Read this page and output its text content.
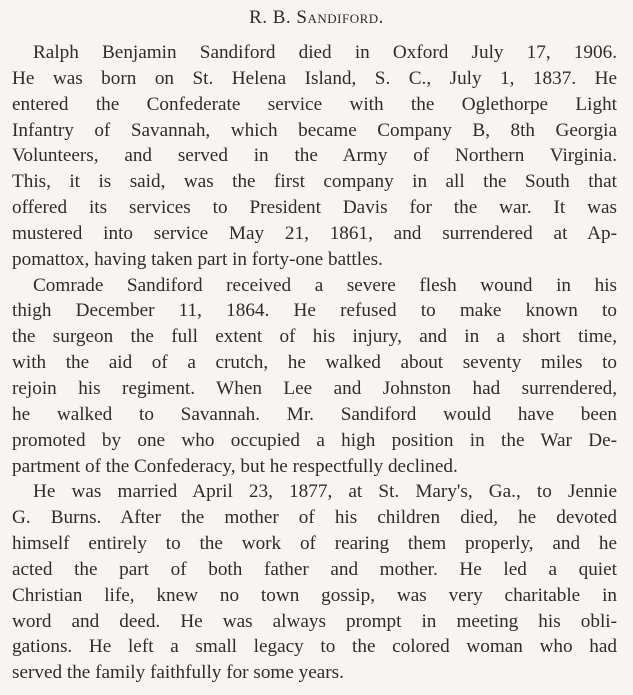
R. B. Sandiford.
Ralph Benjamin Sandiford died in Oxford July 17, 1906.
He was born on St. Helena Island, S. C., July 1, 1837. He
entered the Confederate service with the Oglethorpe Light
Infantry of Savannah, which became Company B, 8th Georgia
Volunteers, and served in the Army of Northern Virginia.
This, it is said, was the first company in all the South that
offered its services to President Davis for the war. It was
mustered into service May 21, 1861, and surrendered at Ap-
pomattox, having taken part in forty-one battles.
Comrade Sandiford received a severe flesh wound in his
thigh December 11, 1864. He refused to make known to
the surgeon the full extent of his injury, and in a short time,
with the aid of a crutch, he walked about seventy miles to
rejoin his regiment. When Lee and Johnston had surrendered,
he walked to Savannah. Mr. Sandiford would have been
promoted by one who occupied a high position in the War De-
partment of the Confederacy, but he respectfully declined.
He was married April 23, 1877, at St. Mary's, Ga., to Jennie
G. Burns. After the mother of his children died, he devoted
himself entirely to the work of rearing them properly, and he
acted the part of both father and mother. He led a quiet
Christian life, knew no town gossip, was very charitable in
word and deed. He was always prompt in meeting his obli-
gations. He left a small legacy to the colored woman who had
served the family faithfully for some years.
